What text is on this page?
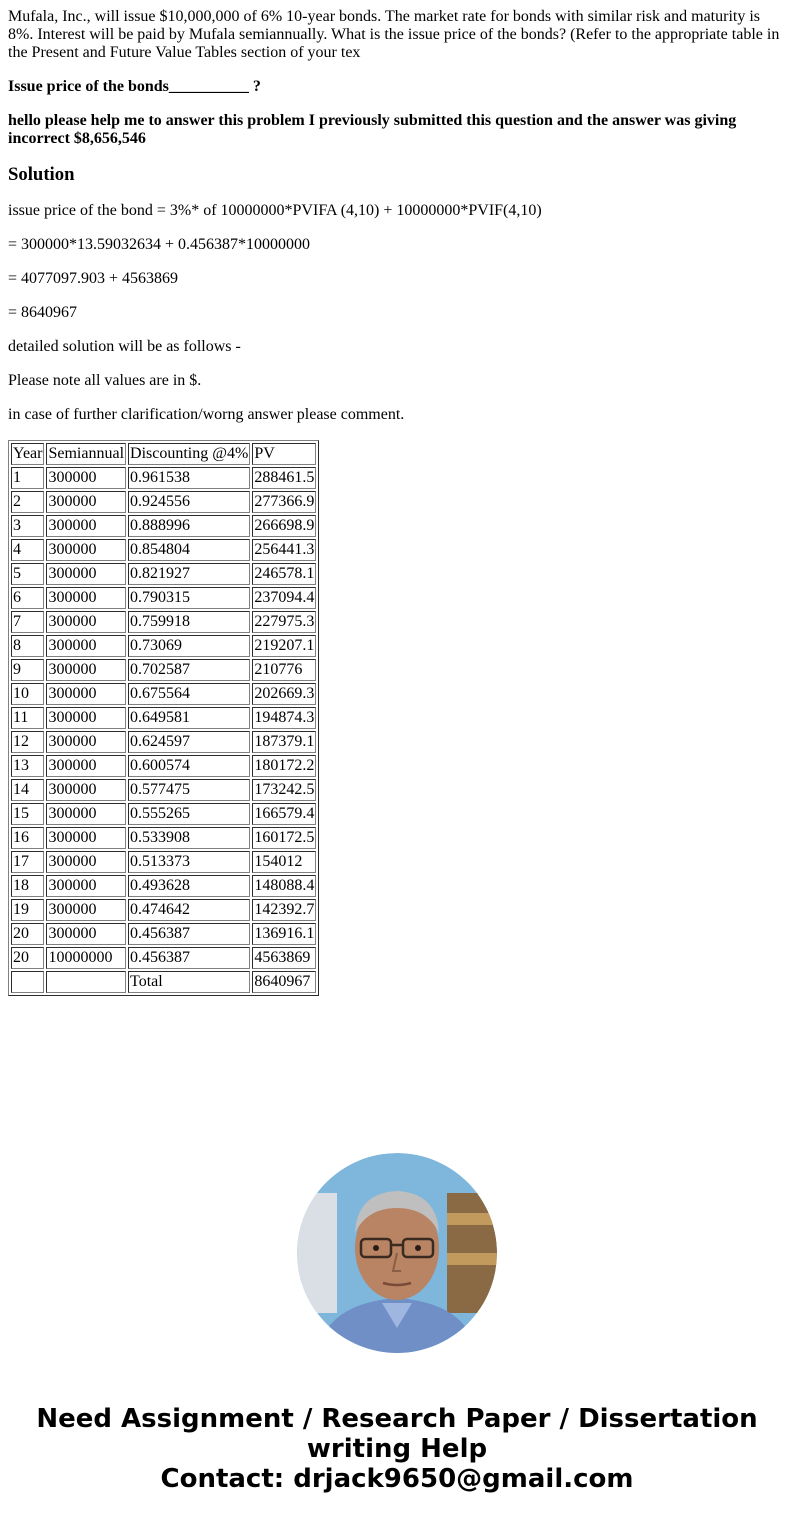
Mufala, Inc., will issue $10,000,000 of 6% 10-year bonds. The market rate for bonds with similar risk and maturity is 8%. Interest will be paid by Mufala semiannually. What is the issue price of the bonds? (Refer to the appropriate table in the Present and Future Value Tables section of your tex

Issue price of the bonds__________ ?

hello please help me to answer this problem I previously submitted this question and the answer was giving incorrect $8,656,546

Solution

issue price of the bond = 3%* of 10000000*PVIFA (4,10) + 10000000*PVIF(4,10)

= 300000*13.59032634 + 0.456387*10000000

= 4077097.903 + 4563869

= 8640967

detailed solution will be as follows -

Please note all values are in $.

in case of further clarification/worng answer please comment.

Year	Semiannual	Discounting @4%	PV
1	300000	0.961538	288461.5
2	300000	0.924556	277366.9
3	300000	0.888996	266698.9
4	300000	0.854804	256441.3
5	300000	0.821927	246578.1
6	300000	0.790315	237094.4
7	300000	0.759918	227975.3
8	300000	0.73069	219207.1
9	300000	0.702587	210776
10	300000	0.675564	202669.3
11	300000	0.649581	194874.3
12	300000	0.624597	187379.1
13	300000	0.600574	180172.2
14	300000	0.577475	173242.5
15	300000	0.555265	166579.4
16	300000	0.533908	160172.5
17	300000	0.513373	154012
18	300000	0.493628	148088.4
19	300000	0.474642	142392.7
20	300000	0.456387	136916.1
20	10000000	0.456387	4563869
		Total	8640967
Need Assignment / Research Paper / Dissertation
writing Help
Contact: drjack9650@gmail.com
